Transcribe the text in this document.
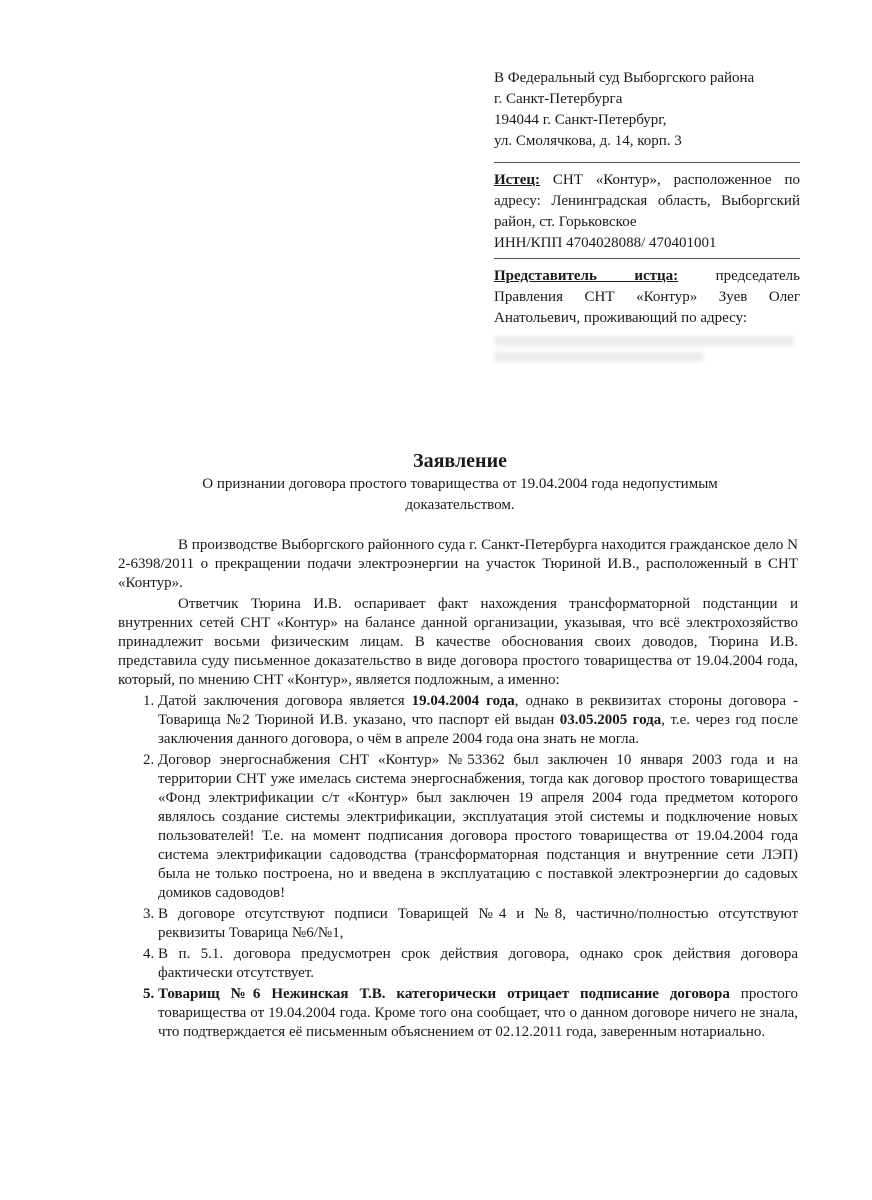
В Федеральный суд Выборгского района
г. Санкт-Петербурга
194044 г. Санкт-Петербург,
ул. Смолячкова, д. 14, корп. 3
Истец: СНТ «Контур», расположенное по адресу: Ленинградская область, Выборгский район, ст. Горьковское
ИНН/КПП 4704028088/ 470401001
Представитель истца: председатель Правления СНТ «Контур» Зуев Олег Анатольевич, проживающий по адресу:
Заявление
О признании договора простого товарищества от 19.04.2004 года недопустимым доказательством.

В производстве Выборгского районного суда г. Санкт-Петербурга находится гражданское дело N 2-6398/2011 о прекращении подачи электроэнергии на участок Тюриной И.В., расположенный в СНТ «Контур».

Ответчик Тюрина И.В. оспаривает факт нахождения трансформаторной подстанции и внутренних сетей СНТ «Контур» на балансе данной организации, указывая, что всё электрохозяйство принадлежит восьми физическим лицам. В качестве обоснования своих доводов, Тюрина И.В. представила суду письменное доказательство в виде договора простого товарищества от 19.04.2004 года, который, по мнению СНТ «Контур», является подложным, а именно:

1. Датой заключения договора является 19.04.2004 года, однако в реквизитах стороны договора - Товарища №2 Тюриной И.В. указано, что паспорт ей выдан 03.05.2005 года, т.е. через год после заключения данного договора, о чём в апреле 2004 года она знать не могла.
2. Договор энергоснабжения СНТ «Контур» №53362 был заключен 10 января 2003 года и на территории СНТ уже имелась система энергоснабжения, тогда как договор простого товарищества «Фонд электрификации с/т «Контур» был заключен 19 апреля 2004 года предметом которого являлось создание системы электрификации, эксплуатация этой системы и подключение новых пользователей! Т.е. на момент подписания договора простого товарищества от 19.04.2004 года система электрификации садоводства (трансформаторная подстанция и внутренние сети ЛЭП) была не только построена, но и введена в эксплуатацию с поставкой электроэнергии до садовых домиков садоводов!
3. В договоре отсутствуют подписи Товарищей №4 и №8, частично/полностью отсутствуют реквизиты Товарица №6/№1,
4. В п. 5.1. договора предусмотрен срок действия договора, однако срок действия договора фактически отсутствует.
5. Товарищ №6 Нежинская Т.В. категорически отрицает подписание договора простого товарищества от 19.04.2004 года. Кроме того она сообщает, что о данном договоре ничего не знала, что подтверждается её письменным объяснением от 02.12.2011 года, заверенным нотариально.
